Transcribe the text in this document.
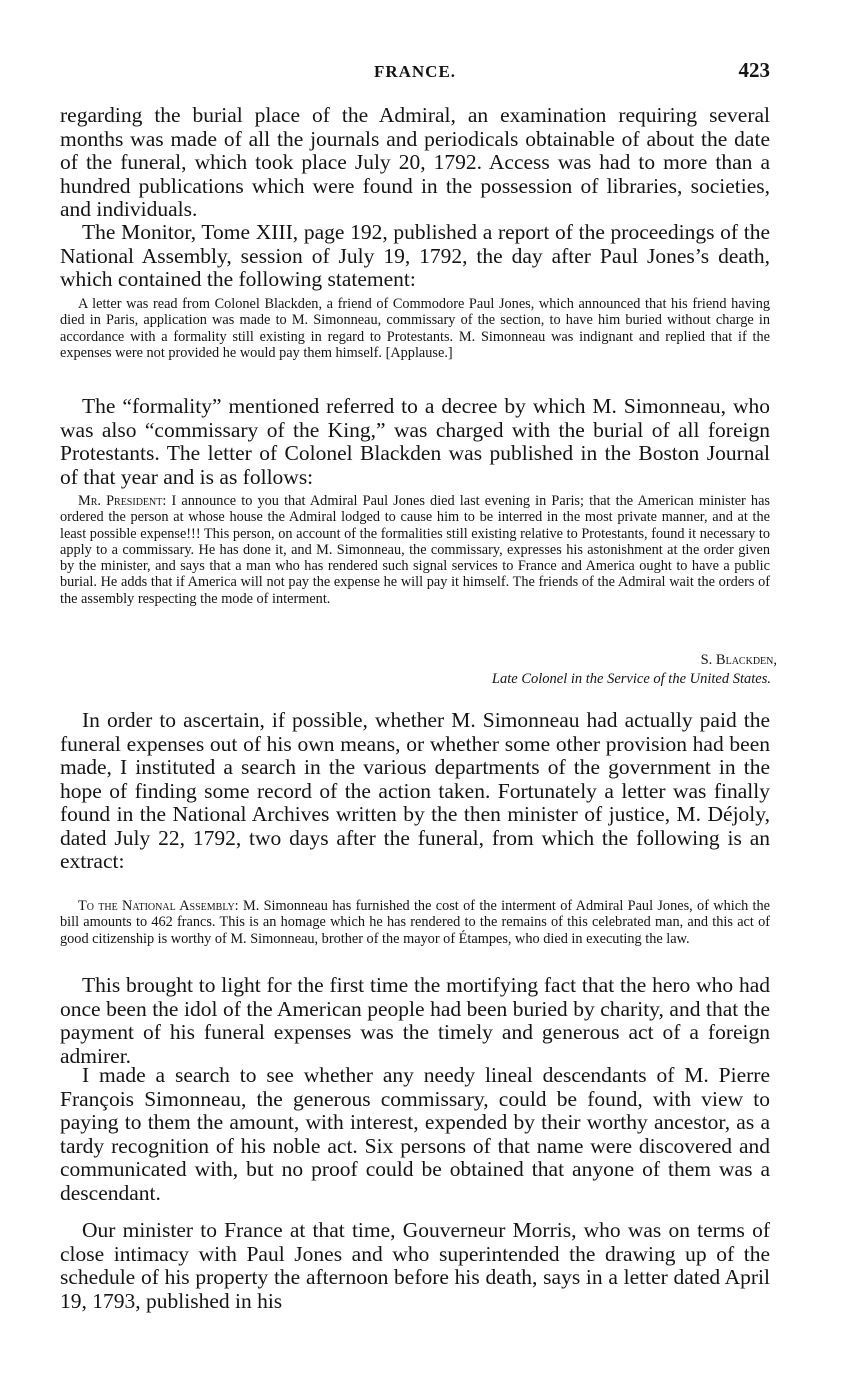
FRANCE.	423

regarding the burial place of the Admiral, an examination requiring several months was made of all the journals and periodicals obtainable of about the date of the funeral, which took place July 20, 1792. Access was had to more than a hundred publications which were found in the possession of libraries, societies, and individuals.

The Monitor, Tome XIII, page 192, published a report of the proceedings of the National Assembly, session of July 19, 1792, the day after Paul Jones’s death, which contained the following statement:

A letter was read from Colonel Blackden, a friend of Commodore Paul Jones, which announced that his friend having died in Paris, application was made to M. Simonneau, commissary of the section, to have him buried without charge in accordance with a formality still existing in regard to Protestants. M. Simonneau was indignant and replied that if the expenses were not provided he would pay them himself. [Applause.]

The “formality” mentioned referred to a decree by which M. Simonneau, who was also “commissary of the King,” was charged with the burial of all foreign Protestants. The letter of Colonel Blackden was published in the Boston Journal of that year and is as follows:

Mr. President: I announce to you that Admiral Paul Jones died last evening in Paris; that the American minister has ordered the person at whose house the Admiral lodged to cause him to be interred in the most private manner, and at the least possible expense!!! This person, on account of the formalities still existing relative to Protestants, found it necessary to apply to a commissary. He has done it, and M. Simonneau, the commissary, expresses his astonishment at the order given by the minister, and says that a man who has rendered such signal services to France and America ought to have a public burial. He adds that if America will not pay the expense he will pay it himself. The friends of the Admiral wait the orders of the assembly respecting the mode of interment.

S. Blackden,
Late Colonel in the Service of the United States.

In order to ascertain, if possible, whether M. Simonneau had actually paid the funeral expenses out of his own means, or whether some other provision had been made, I instituted a search in the various departments of the government in the hope of finding some record of the action taken. Fortunately a letter was finally found in the National Archives written by the then minister of justice, M. Déjoly, dated July 22, 1792, two days after the funeral, from which the following is an extract:

To the National Assembly: M. Simonneau has furnished the cost of the interment of Admiral Paul Jones, of which the bill amounts to 462 francs. This is an homage which he has rendered to the remains of this celebrated man, and this act of good citizenship is worthy of M. Simonneau, brother of the mayor of Étampes, who died in executing the law.

This brought to light for the first time the mortifying fact that the hero who had once been the idol of the American people had been buried by charity, and that the payment of his funeral expenses was the timely and generous act of a foreign admirer.

I made a search to see whether any needy lineal descendants of M. Pierre François Simonneau, the generous commissary, could be found, with view to paying to them the amount, with interest, expended by their worthy ancestor, as a tardy recognition of his noble act. Six persons of that name were discovered and communicated with, but no proof could be obtained that anyone of them was a descendant.

Our minister to France at that time, Gouverneur Morris, who was on terms of close intimacy with Paul Jones and who superintended the drawing up of the schedule of his property the afternoon before his death, says in a letter dated April 19, 1793, published in his
